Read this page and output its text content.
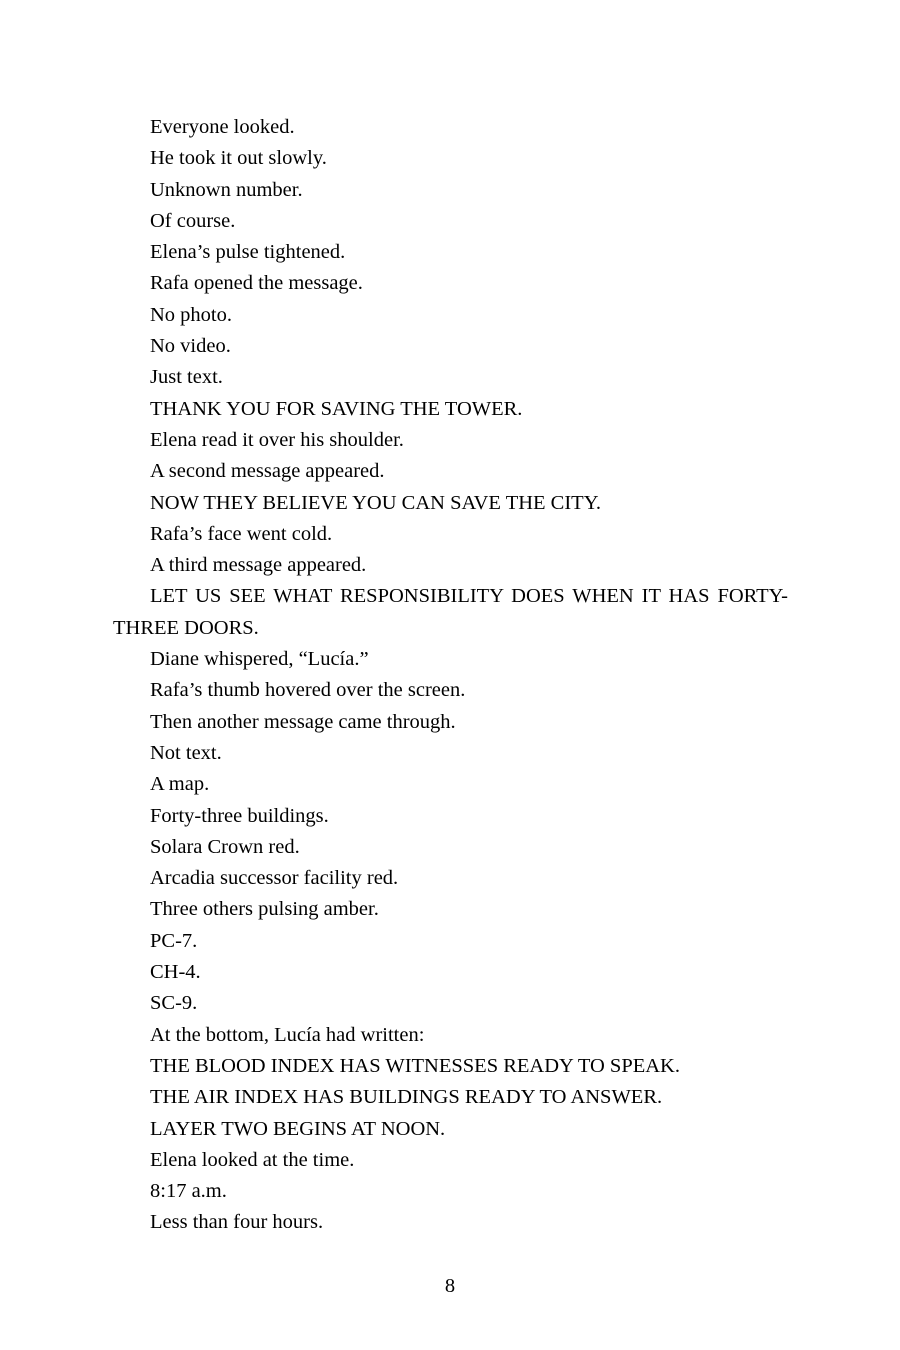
Everyone looked.

He took it out slowly.

Unknown number.

Of course.

Elena’s pulse tightened.

Rafa opened the message.

No photo.

No video.

Just text.

THANK YOU FOR SAVING THE TOWER.

Elena read it over his shoulder.

A second message appeared.

NOW THEY BELIEVE YOU CAN SAVE THE CITY.

Rafa’s face went cold.

A third message appeared.

LET US SEE WHAT RESPONSIBILITY DOES WHEN IT HAS FORTY-THREE DOORS.

Diane whispered, “Lucía.”

Rafa’s thumb hovered over the screen.

Then another message came through.

Not text.

A map.

Forty-three buildings.

Solara Crown red.

Arcadia successor facility red.

Three others pulsing amber.

PC-7.

CH-4.

SC-9.

At the bottom, Lucía had written:

THE BLOOD INDEX HAS WITNESSES READY TO SPEAK.

THE AIR INDEX HAS BUILDINGS READY TO ANSWER.

LAYER TWO BEGINS AT NOON.

Elena looked at the time.

8:17 a.m.

Less than four hours.

8
